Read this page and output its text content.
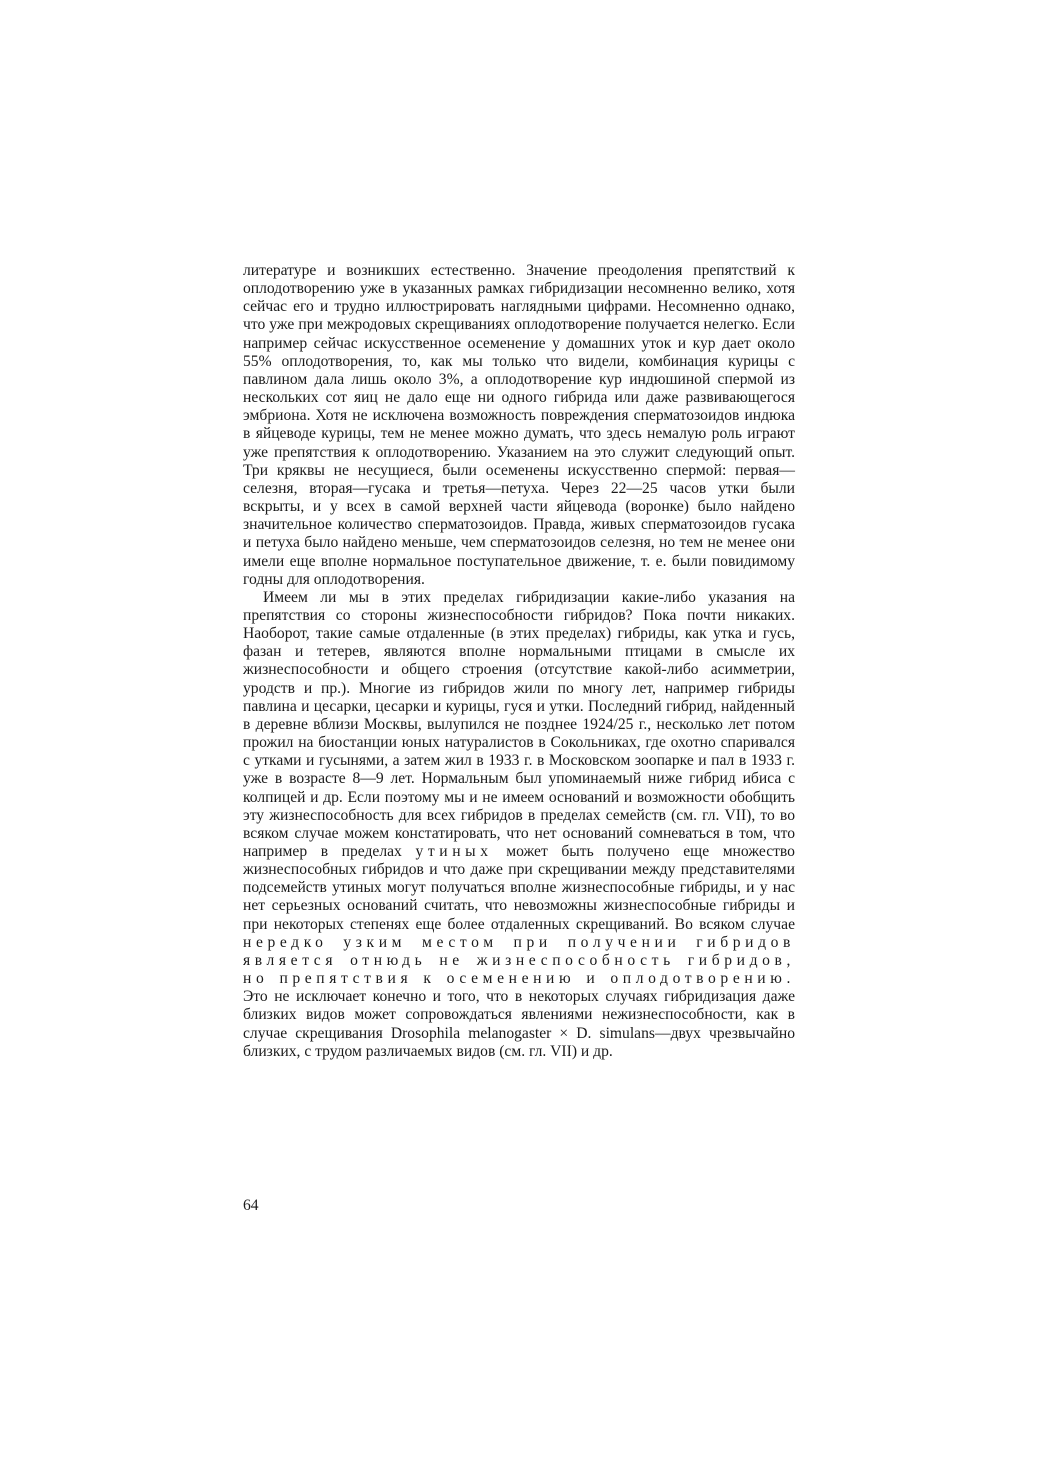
литературе и возникших естественно. Значение преодоления препятствий к оплодотворению уже в указанных рамках гибридизации несомненно велико, хотя сейчас его и трудно иллюстрировать наглядными цифрами. Несомненно однако, что уже при межродовых скрещиваниях оплодотворение получается нелегко. Если например сейчас искусственное осеменение у домашних уток и кур дает около 55% оплодотворения, то, как мы только что видели, комбинация курицы с павлином дала лишь около 3%, а оплодотворение кур индюшиной спермой из нескольких сот яиц не дало еще ни одного гибрида или даже развивающегося эмбриона. Хотя не исключена возможность повреждения сперматозоидов индюка в яйцеводе курицы, тем не менее можно думать, что здесь немалую роль играют уже препятствия к оплодотворению. Указанием на это служит следующий опыт. Три кряквы не несущиеся, были осеменены искусственно спермой: первая—селезня, вторая—гусака и третья—петуха. Через 22—25 часов утки были вскрыты, и у всех в самой верхней части яйцевода (воронке) было найдено значительное количество сперматозоидов. Правда, живых сперматозоидов гусака и петуха было найдено меньше, чем сперматозоидов селезня, но тем не менее они имели еще вполне нормальное поступательное движение, т. е. были повидимому годны для оплодотворения.

Имеем ли мы в этих пределах гибридизации какие-либо указания на препятствия со стороны жизнеспособности гибридов? Пока почти никаких. Наоборот, такие самые отдаленные (в этих пределах) гибриды, как утка и гусь, фазан и тетерев, являются вполне нормальными птицами в смысле их жизнеспособности и общего строения (отсутствие какой-либо асимметрии, уродств и пр.). Многие из гибридов жили по многу лет, например гибриды павлина и цесарки, цесарки и курицы, гуся и утки. Последний гибрид, найденный в деревне вблизи Москвы, вылупился не позднее 1924/25 г., несколько лет потом прожил на биостанции юных натуралистов в Сокольниках, где охотно спаривался с утками и гусынями, а затем жил в 1933 г. в Московском зоопарке и пал в 1933 г. уже в возрасте 8—9 лет. Нормальным был упоминаемый ниже гибрид ибиса с колпицей и др. Если поэтому мы и не имеем оснований и возможности обобщить эту жизнеспособность для всех гибридов в пределах семейств (см. гл. VII), то во всяком случае можем констатировать, что нет оснований сомневаться в том, что например в пределах утиных может быть получено еще множество жизнеспособных гибридов и что даже при скрещивании между представителями подсемейств утиных могут получаться вполне жизнеспособные гибриды, и у нас нет серьезных оснований считать, что невозможны жизнеспособные гибриды и при некоторых степенях еще более отдаленных скрещиваний. Во всяком случае нередко узким местом при получении гибридов является отнюдь не жизнеспособность гибридов, но препятствия к осеменению и оплодотворению. Это не исключает конечно и того, что в некоторых случаях гибридизация даже близких видов может сопровождаться явлениями нежизнеспособности, как в случае скрещивания Drosophila melanogaster × D. simulans—двух чрезвычайно близких, с трудом различаемых видов (см. гл. VII) и др.

64
